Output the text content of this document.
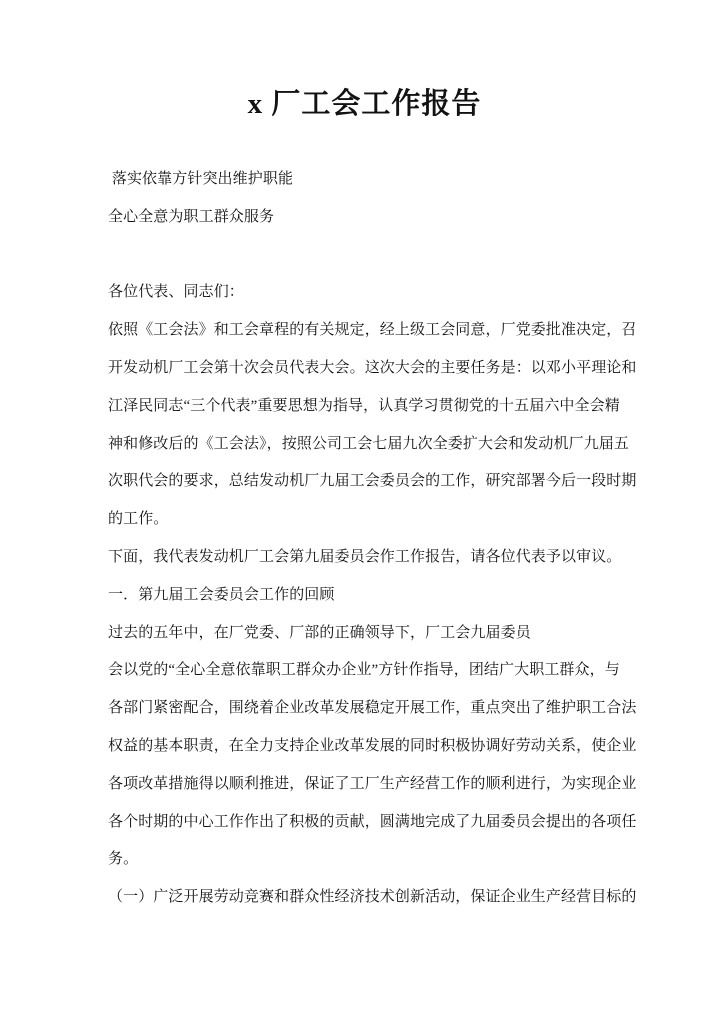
x 厂工会工作报告
落实依靠方针突出维护职能
全心全意为职工群众服务
各位代表、同志们：
依照《工会法》和工会章程的有关规定，经上级工会同意，厂党委批准决定，召
开发动机厂工会第十次会员代表大会。这次大会的主要任务是：以邓小平理论和
江泽民同志“三个代表”重要思想为指导，认真学习贯彻党的十五届六中全会精
神和修改后的《工会法》，按照公司工会七届九次全委扩大会和发动机厂九届五
次职代会的要求，总结发动机厂九届工会委员会的工作，研究部署今后一段时期
的工作。
下面，我代表发动机厂工会第九届委员会作工作报告，请各位代表予以审议。
一．第九届工会委员会工作的回顾
过去的五年中，在厂党委、厂部的正确领导下，厂工会九届委员
会以党的“全心全意依靠职工群众办企业”方针作指导，团结广大职工群众，与
各部门紧密配合，围绕着企业改革发展稳定开展工作，重点突出了维护职工合法
权益的基本职责，在全力支持企业改革发展的同时积极协调好劳动关系，使企业
各项改革措施得以顺利推进，保证了工厂生产经营工作的顺利进行，为实现企业
各个时期的中心工作作出了积极的贡献，圆满地完成了九届委员会提出的各项任
务。
（一）广泛开展劳动竞赛和群众性经济技术创新活动，保证企业生产经营目标的
